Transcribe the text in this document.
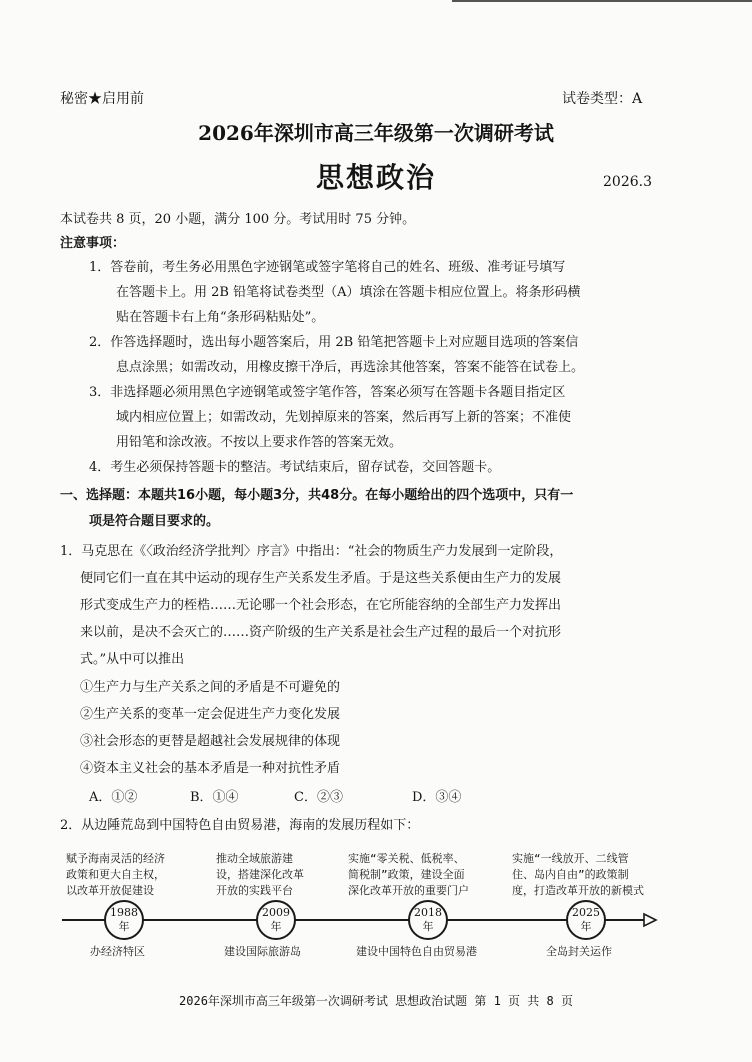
秘密★启用前	试卷类型：A
2026年深圳市高三年级第一次调研考试
思想政治	2026.3
本试卷共 8 页，20 小题，满分 100 分。考试用时 75 分钟。
注意事项：
1．答卷前，考生务必用黑色字迹钢笔或签字笔将自己的姓名、班级、准考证号填写
在答题卡上。用 2B 铅笔将试卷类型（A）填涂在答题卡相应位置上。将条形码横
贴在答题卡右上角“条形码粘贴处”。
2．作答选择题时，选出每小题答案后，用 2B 铅笔把答题卡上对应题目选项的答案信
息点涂黑；如需改动，用橡皮擦干净后，再选涂其他答案，答案不能答在试卷上。
3．非选择题必须用黑色字迹钢笔或签字笔作答，答案必须写在答题卡各题目指定区
域内相应位置上；如需改动，先划掉原来的答案，然后再写上新的答案；不准使
用铅笔和涂改液。不按以上要求作答的答案无效。
4．考生必须保持答题卡的整洁。考试结束后，留存试卷，交回答题卡。
一、选择题：本题共16小题，每小题3分，共48分。在每小题给出的四个选项中，只有一
项是符合题目要求的。
1．马克思在《〈政治经济学批判〉序言》中指出：“社会的物质生产力发展到一定阶段，
便同它们一直在其中运动的现存生产关系发生矛盾。于是这些关系便由生产力的发展
形式变成生产力的桎梏……无论哪一个社会形态，在它所能容纳的全部生产力发挥出
来以前，是决不会灭亡的……资产阶级的生产关系是社会生产过程的最后一个对抗形
式。”从中可以推出
①生产力与生产关系之间的矛盾是不可避免的
②生产关系的变革一定会促进生产力变化发展
③社会形态的更替是超越社会发展规律的体现
④资本主义社会的基本矛盾是一种对抗性矛盾
A．①②	B．①④	C．②③	D．③④
2．从边陲荒岛到中国特色自由贸易港，海南的发展历程如下：
赋予海南灵活的经济
政策和更大自主权，
以改革开放促建设
1988
年
办经济特区
推动全域旅游建
设，搭建深化改革
开放的实践平台
2009
年
建设国际旅游岛
实施“零关税、低税率、
简税制”政策，建设全面
深化改革开放的重要门户
2018
年
建设中国特色自由贸易港
实施“一线放开、二线管
住、岛内自由”的政策制
度，打造改革开放的新模式
2025
年
全岛封关运作
2026年深圳市高三年级第一次调研考试 思想政治试题 第 1 页 共 8 页
